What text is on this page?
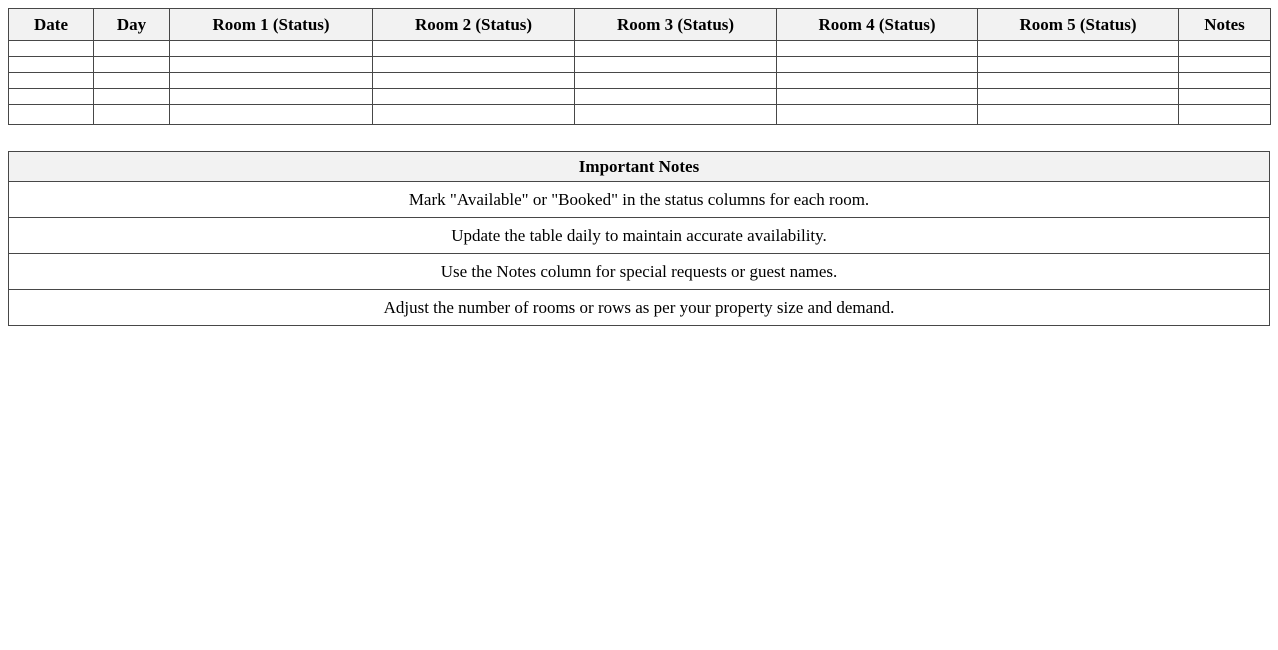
Date	Day	Room 1 (Status)	Room 2 (Status)	Room 3 (Status)	Room 4 (Status)	Room 5 (Status)	Notes

Important Notes
Mark "Available" or "Booked" in the status columns for each room.
Update the table daily to maintain accurate availability.
Use the Notes column for special requests or guest names.
Adjust the number of rooms or rows as per your property size and demand.
